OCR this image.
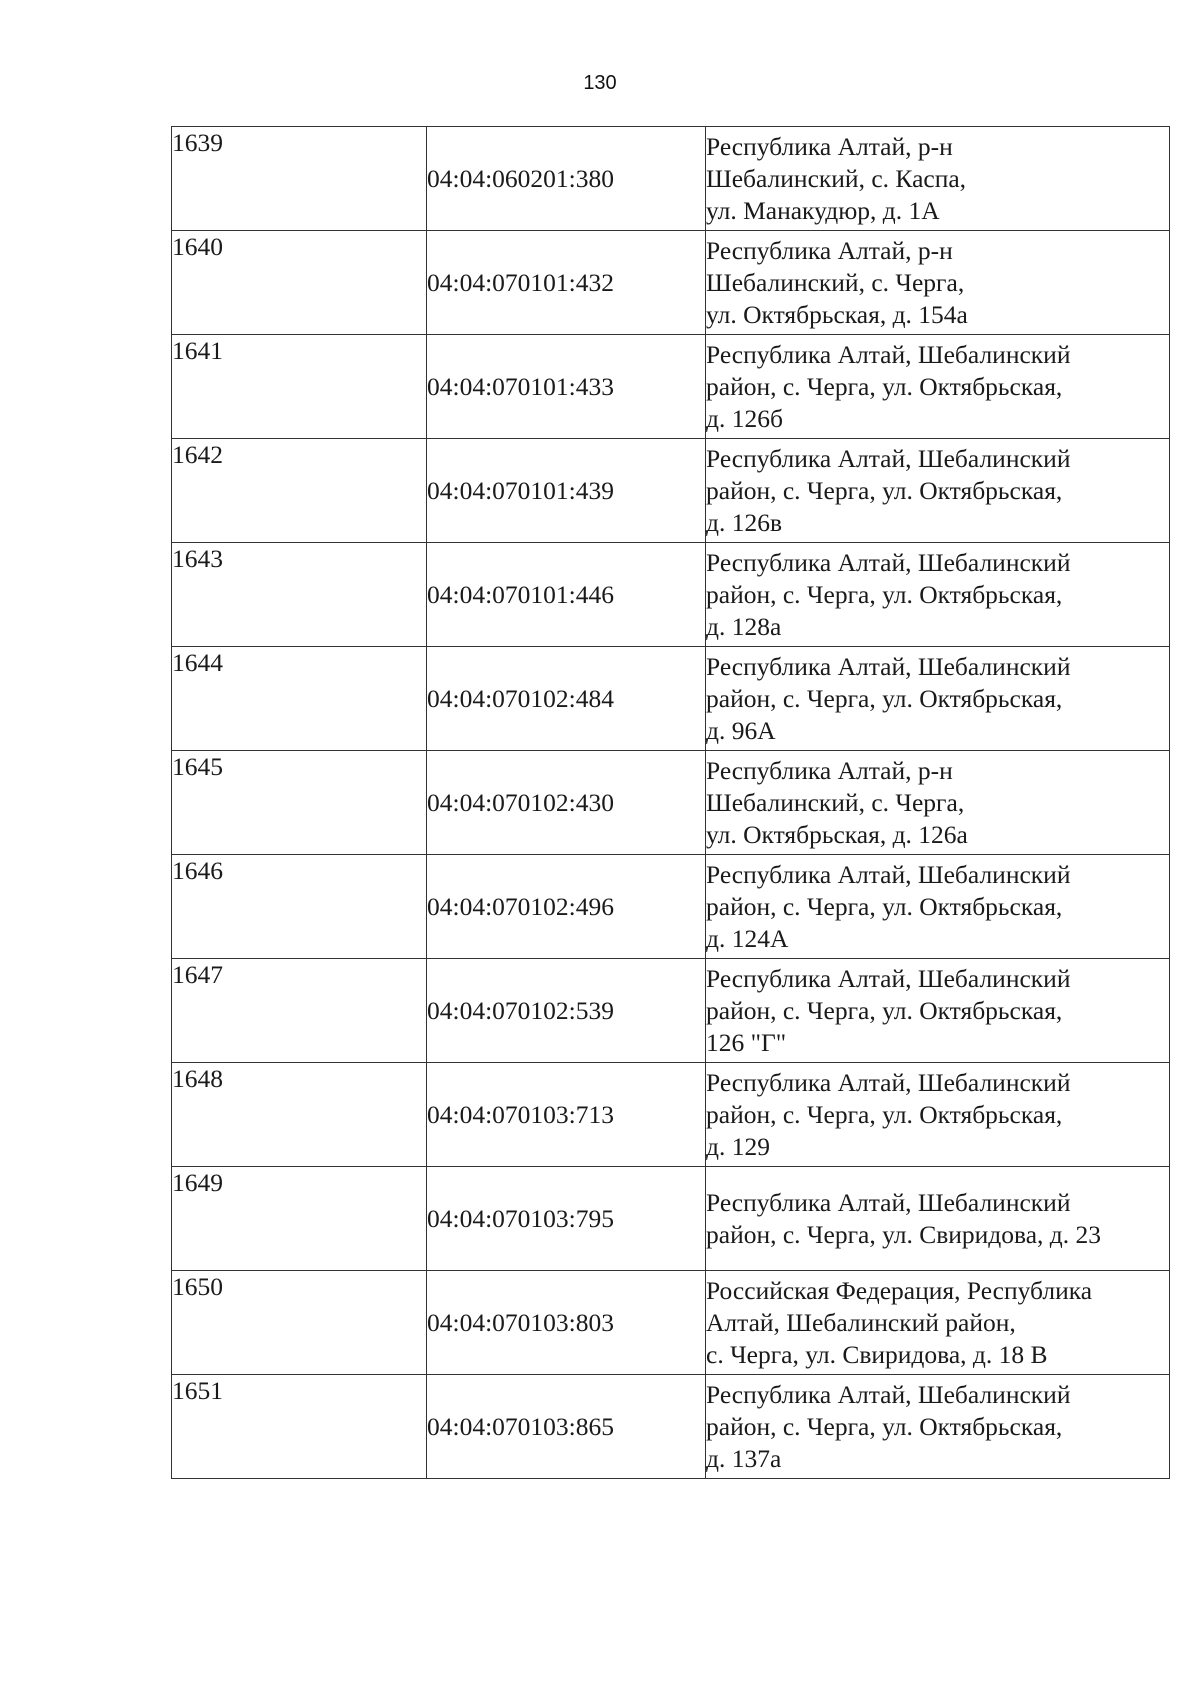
130
1639	04:04:060201:380	Республика Алтай, р-н
Шебалинский, с. Каспа,
ул. Манакудюр, д. 1А

1640	04:04:070101:432	Республика Алтай, р-н
Шебалинский, с. Черга,
ул. Октябрьская, д. 154а

1641	04:04:070101:433	Республика Алтай, Шебалинский
район, с. Черга, ул. Октябрьская,
д. 126б

1642	04:04:070101:439	Республика Алтай, Шебалинский
район, с. Черга, ул. Октябрьская,
д. 126в

1643	04:04:070101:446	Республика Алтай, Шебалинский
район, с. Черга, ул. Октябрьская,
д. 128а

1644	04:04:070102:484	Республика Алтай, Шебалинский
район, с. Черга, ул. Октябрьская,
д. 96А

1645	04:04:070102:430	Республика Алтай, р-н
Шебалинский, с. Черга,
ул. Октябрьская, д. 126а

1646	04:04:070102:496	Республика Алтай, Шебалинский
район, с. Черга, ул. Октябрьская,
д. 124А

1647	04:04:070102:539	Республика Алтай, Шебалинский
район, с. Черга, ул. Октябрьская,
126 "Г"

1648	04:04:070103:713	Республика Алтай, Шебалинский
район, с. Черга, ул. Октябрьская,
д. 129

1649	04:04:070103:795	Республика Алтай, Шебалинский
район, с. Черга, ул. Свиридова, д. 23

1650	04:04:070103:803	Российская Федерация, Республика
Алтай, Шебалинский район,
с. Черга, ул. Свиридова, д. 18 В

1651	04:04:070103:865	Республика Алтай, Шебалинский
район, с. Черга, ул. Октябрьская,
д. 137а
